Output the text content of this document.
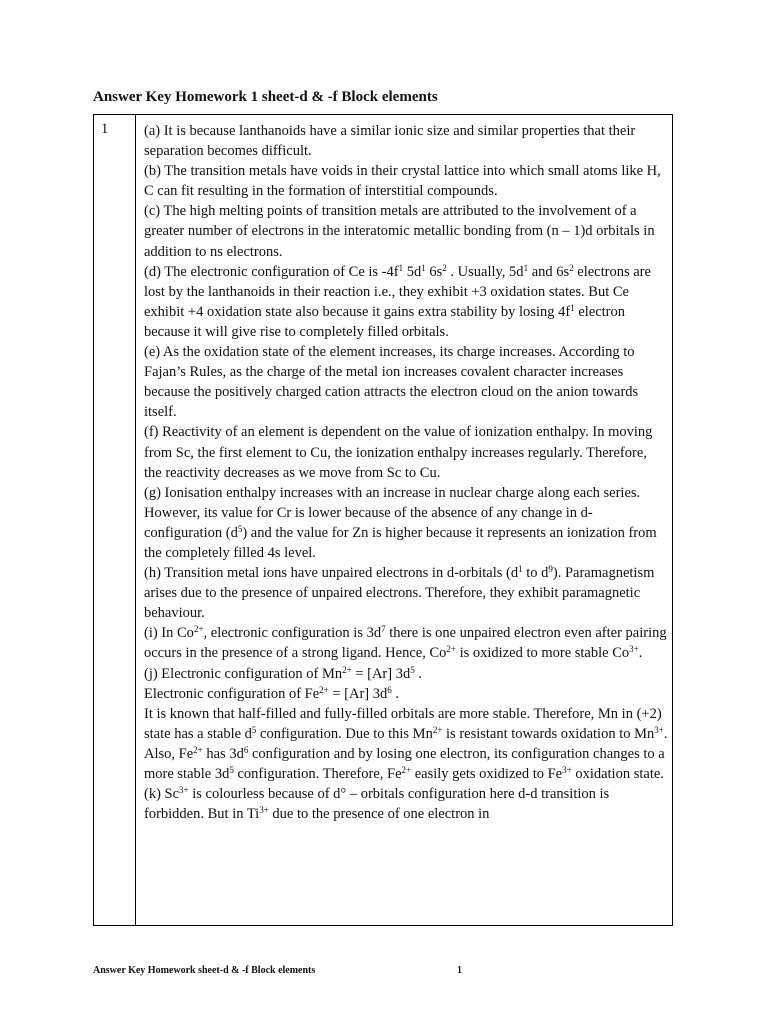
Answer Key Homework 1 sheet-d & -f Block elements
1 (a) It is because lanthanoids have a similar ionic size and similar properties that their separation becomes difficult.

(b) The transition metals have voids in their crystal lattice into which small atoms like H, C can fit resulting in the formation of interstitial compounds.

(c) The high melting points of transition metals are attributed to the involvement of a greater number of electrons in the interatomic metallic bonding from (n – 1)d orbitals in addition to ns electrons.

(d) The electronic configuration of Ce is $-4f^1$ $5d^1$ $6s^2$ . Usually, $5d^1$ and $6s^2$ electrons are lost by the lanthanoids in their reaction i.e., they exhibit +3 oxidation states. But Ce exhibit +4 oxidation state also because it gains extra stability by losing $4f^1$ electron because it will give rise to completely filled orbitals.

(e) As the oxidation state of the element increases, its charge increases. According to Fajan’s Rules, as the charge of the metal ion increases covalent character increases because the positively charged cation attracts the electron cloud on the anion towards itself.

(f) Reactivity of an element is dependent on the value of ionization enthalpy. In moving from Sc, the first element to Cu, the ionization enthalpy increases regularly. Therefore, the reactivity decreases as we move from Sc to Cu.

(g) Ionisation enthalpy increases with an increase in nuclear charge along each series. However, its value for Cr is lower because of the absence of any change in d-configuration $(d^5)$ and the value for Zn is higher because it represents an ionization from the completely filled 4s level.

(h) Transition metal ions have unpaired electrons in d-orbitals ($d^1$ to $d^9$). Paramagnetism arises due to the presence of unpaired electrons. Therefore, they exhibit paramagnetic behaviour.

(i) In $Co^{2+}$, electronic configuration is $3d^7$ there is one unpaired electron even after pairing occurs in the presence of a strong ligand. Hence, $Co^{2+}$ is oxidized to more stable $Co^{3+}$.

(j) Electronic configuration of $Mn^{2+} = [Ar]$ $3d^5$ .

Electronic configuration of $Fe^{2+} = [Ar]$ $3d^6$ .

It is known that half-filled and fully-filled orbitals are more stable. Therefore, Mn in (+2) state has a stable $d^5$ configuration. Due to this $Mn^{2+}$ is resistant towards oxidation to $Mn^{3+}$. Also, $Fe^{2+}$ has $3d^6$ configuration and by losing one electron, its configuration changes to a more stable $3d^5$ configuration. Therefore, $Fe^{2+}$ easily gets oxidized to $Fe^{3+}$ oxidation state.

(k) $Sc^{3+}$ is colourless because of d° – orbitals configuration here d-d transition is forbidden. But in $Ti^{3+}$ due to the presence of one electron in

Answer Key Homework sheet-d & -f Block elements	1
